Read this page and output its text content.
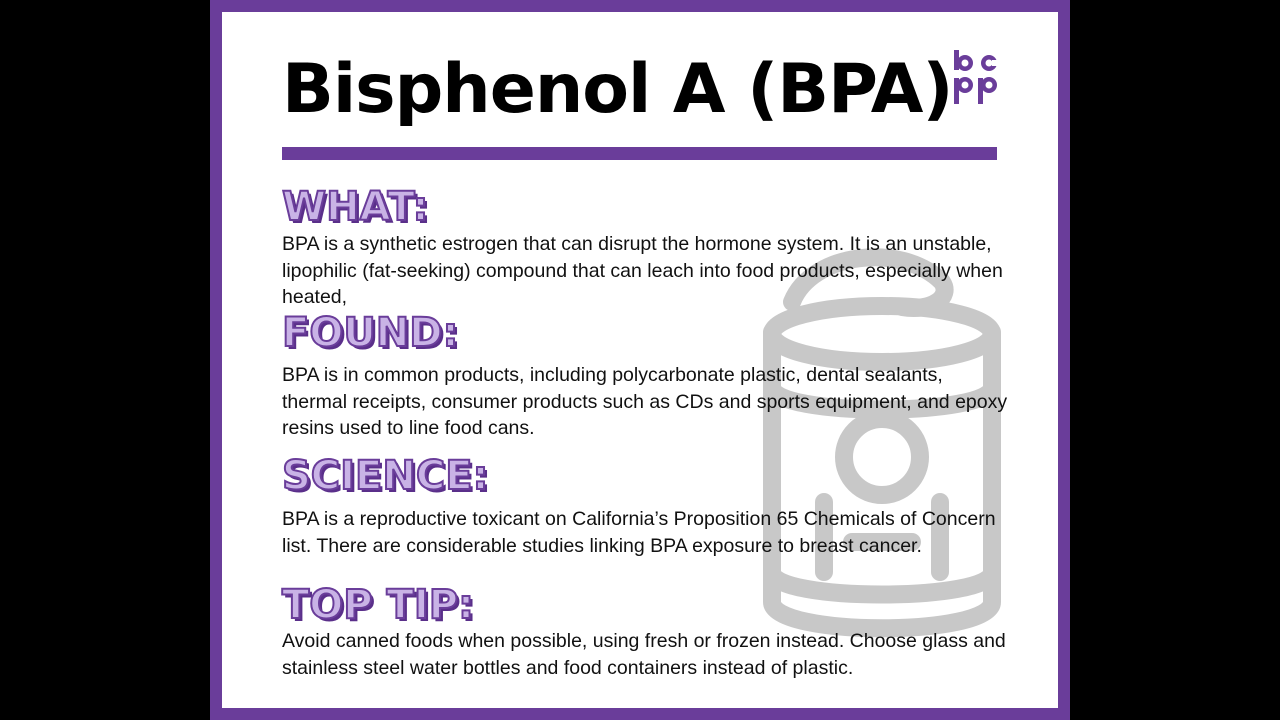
Bisphenol A (BPA)
WHAT:

BPA is a synthetic estrogen that can disrupt the hormone system. It is an unstable, lipophilic (fat-seeking) compound that can leach into food products, especially when heated,

FOUND:

BPA is in common products, including polycarbonate plastic, dental sealants, thermal receipts, consumer products such as CDs and sports equipment, and epoxy resins used to line food cans.

SCIENCE:

BPA is a reproductive toxicant on California’s Proposition 65 Chemicals of Concern list. There are considerable studies linking BPA exposure to breast cancer.

TOP TIP:

Avoid canned foods when possible, using fresh or frozen instead. Choose glass and stainless steel water bottles and food containers instead of plastic.
